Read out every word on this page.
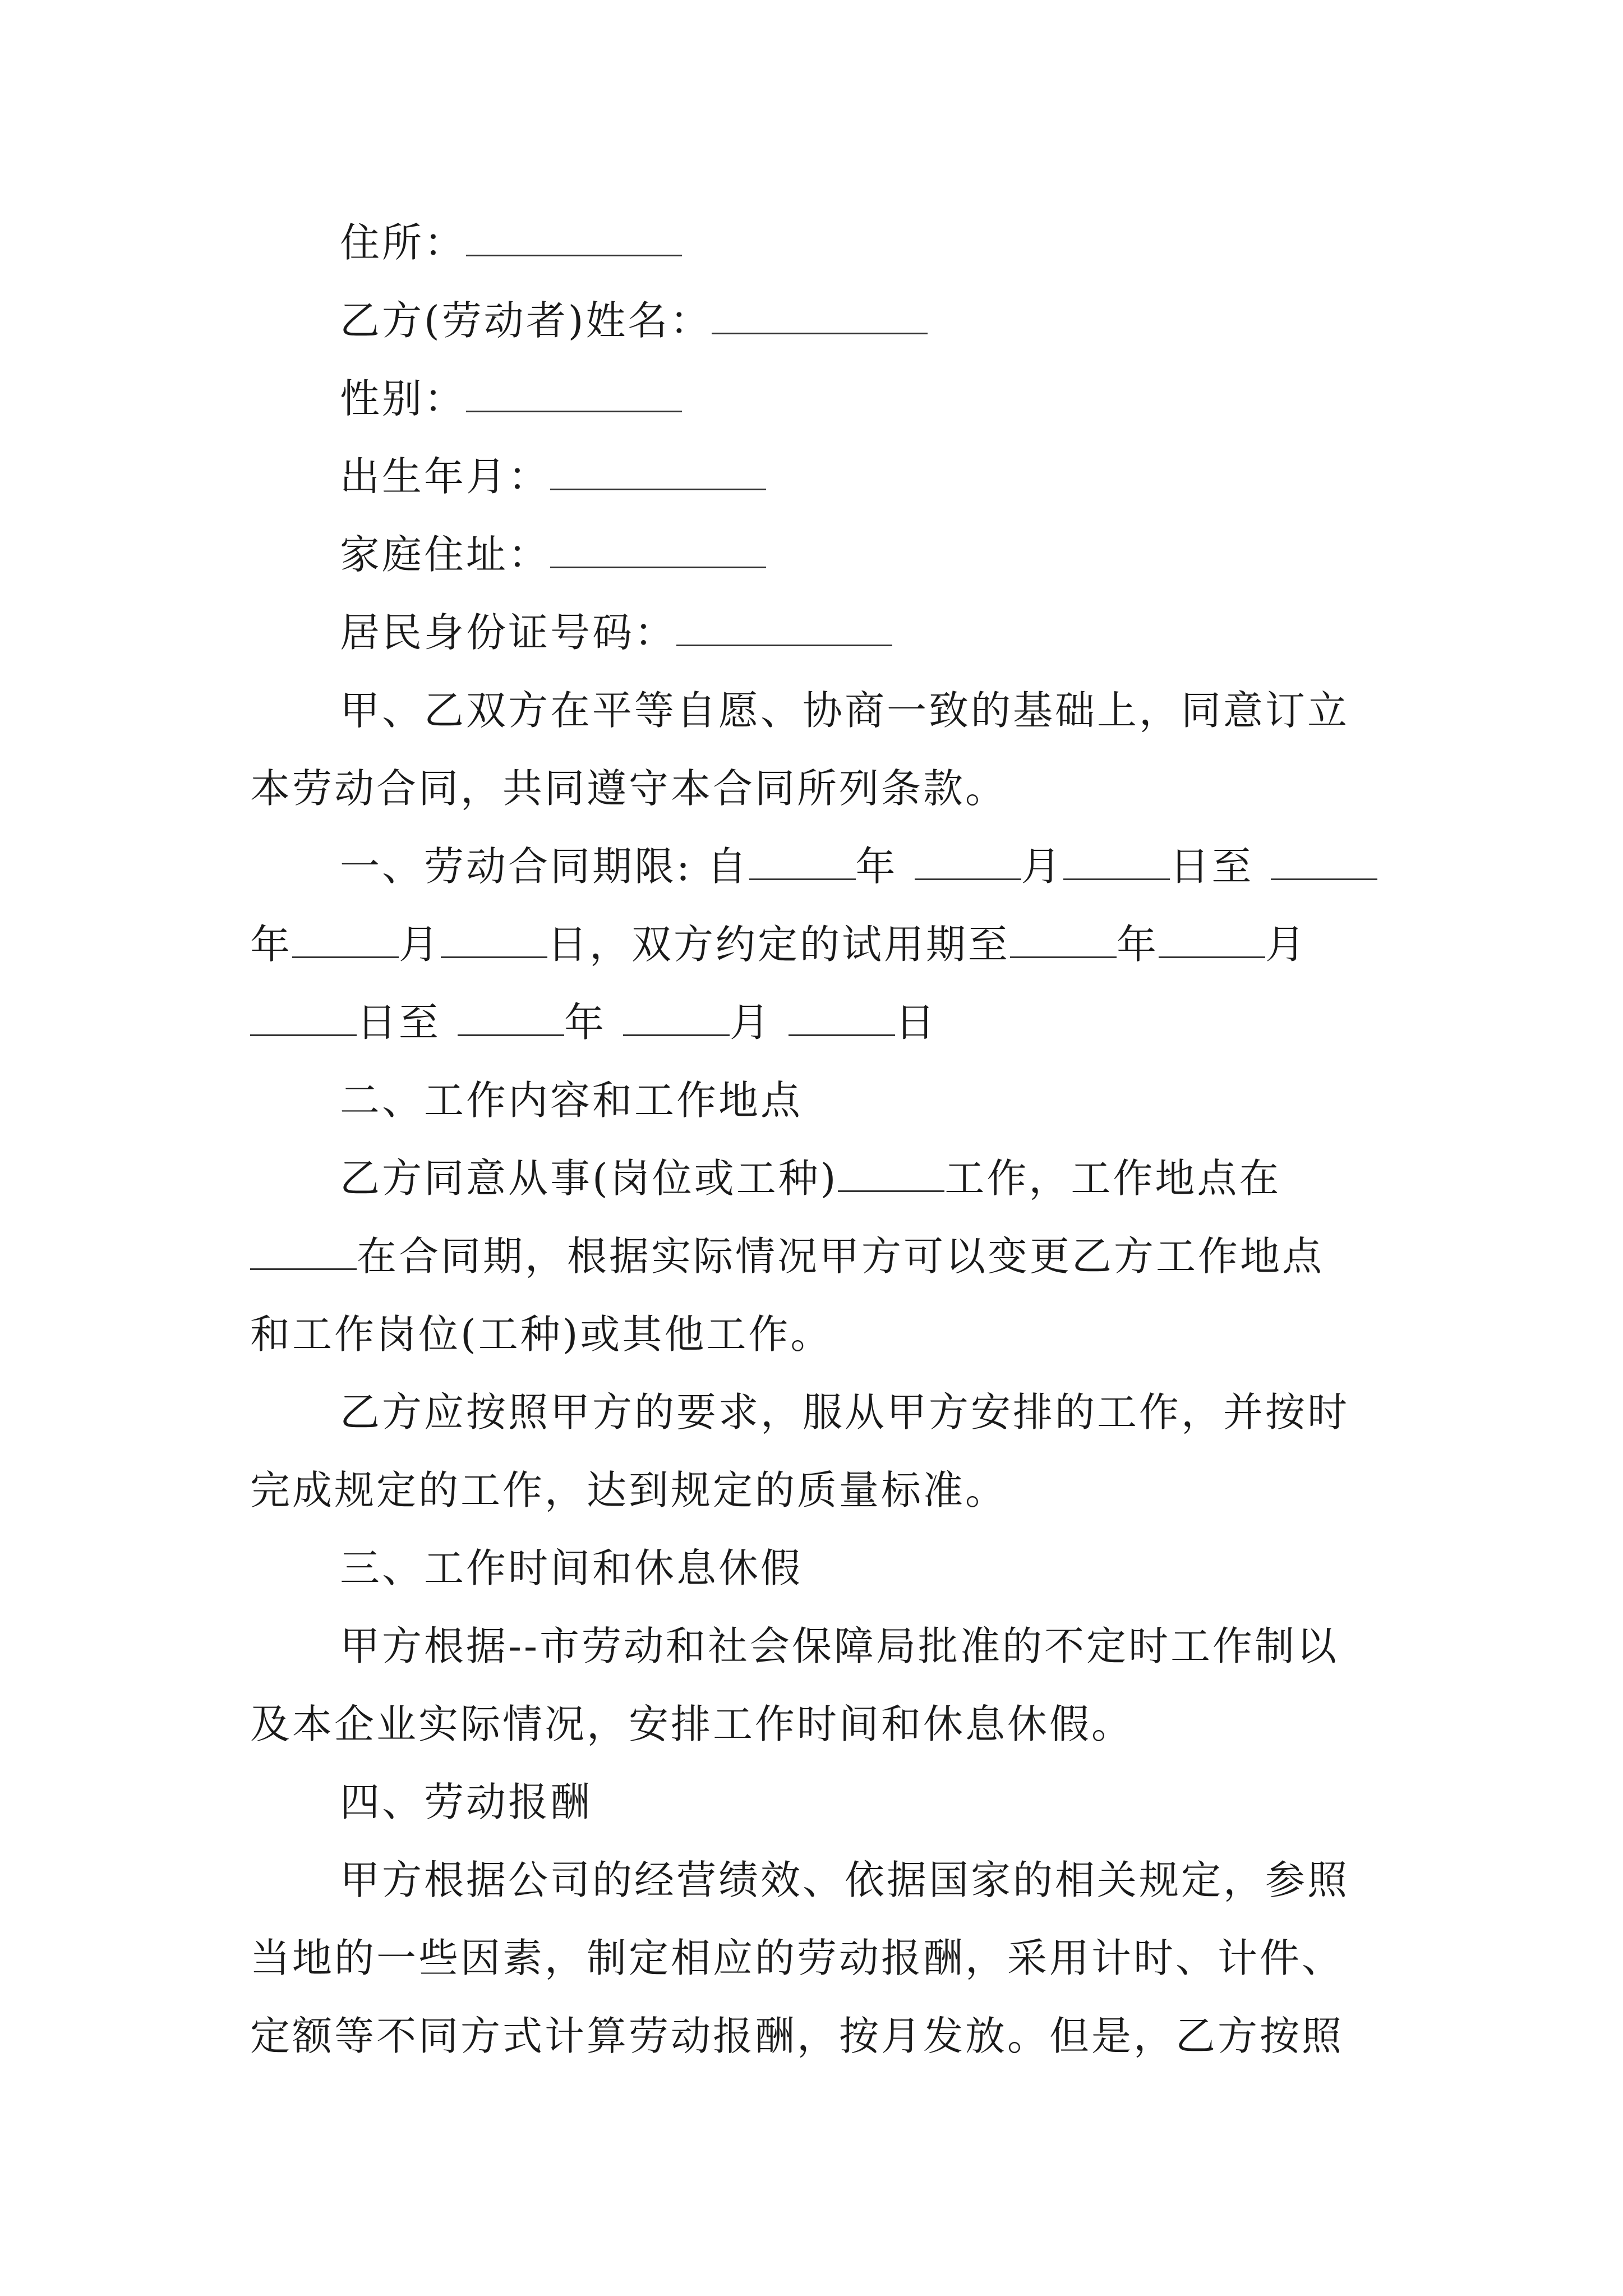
住所：
乙方(劳动者)姓名：
性别：
出生年月：
家庭住址：
居民身份证号码：
甲、乙双方在平等自愿、协商一致的基础上，同意订立
本劳动合同，共同遵守本合同所列条款。
一、劳动合同期限: 自	年	月	日至
年	月	日，双方约定的试用期至	年	月
日至	年	月	日
二、工作内容和工作地点
乙方同意从事(岗位或工种)	工作，工作地点在
在合同期，根据实际情况甲方可以变更乙方工作地点
和工作岗位(工种)或其他工作。
乙方应按照甲方的要求，服从甲方安排的工作，并按时
完成规定的工作，达到规定的质量标准。
三、工作时间和休息休假
甲方根据--市劳动和社会保障局批准的不定时工作制以
及本企业实际情况，安排工作时间和休息休假。
四、劳动报酬
甲方根据公司的经营绩效、依据国家的相关规定，参照
当地的一些因素，制定相应的劳动报酬，采用计时、计件、
定额等不同方式计算劳动报酬，按月发放。但是，乙方按照
